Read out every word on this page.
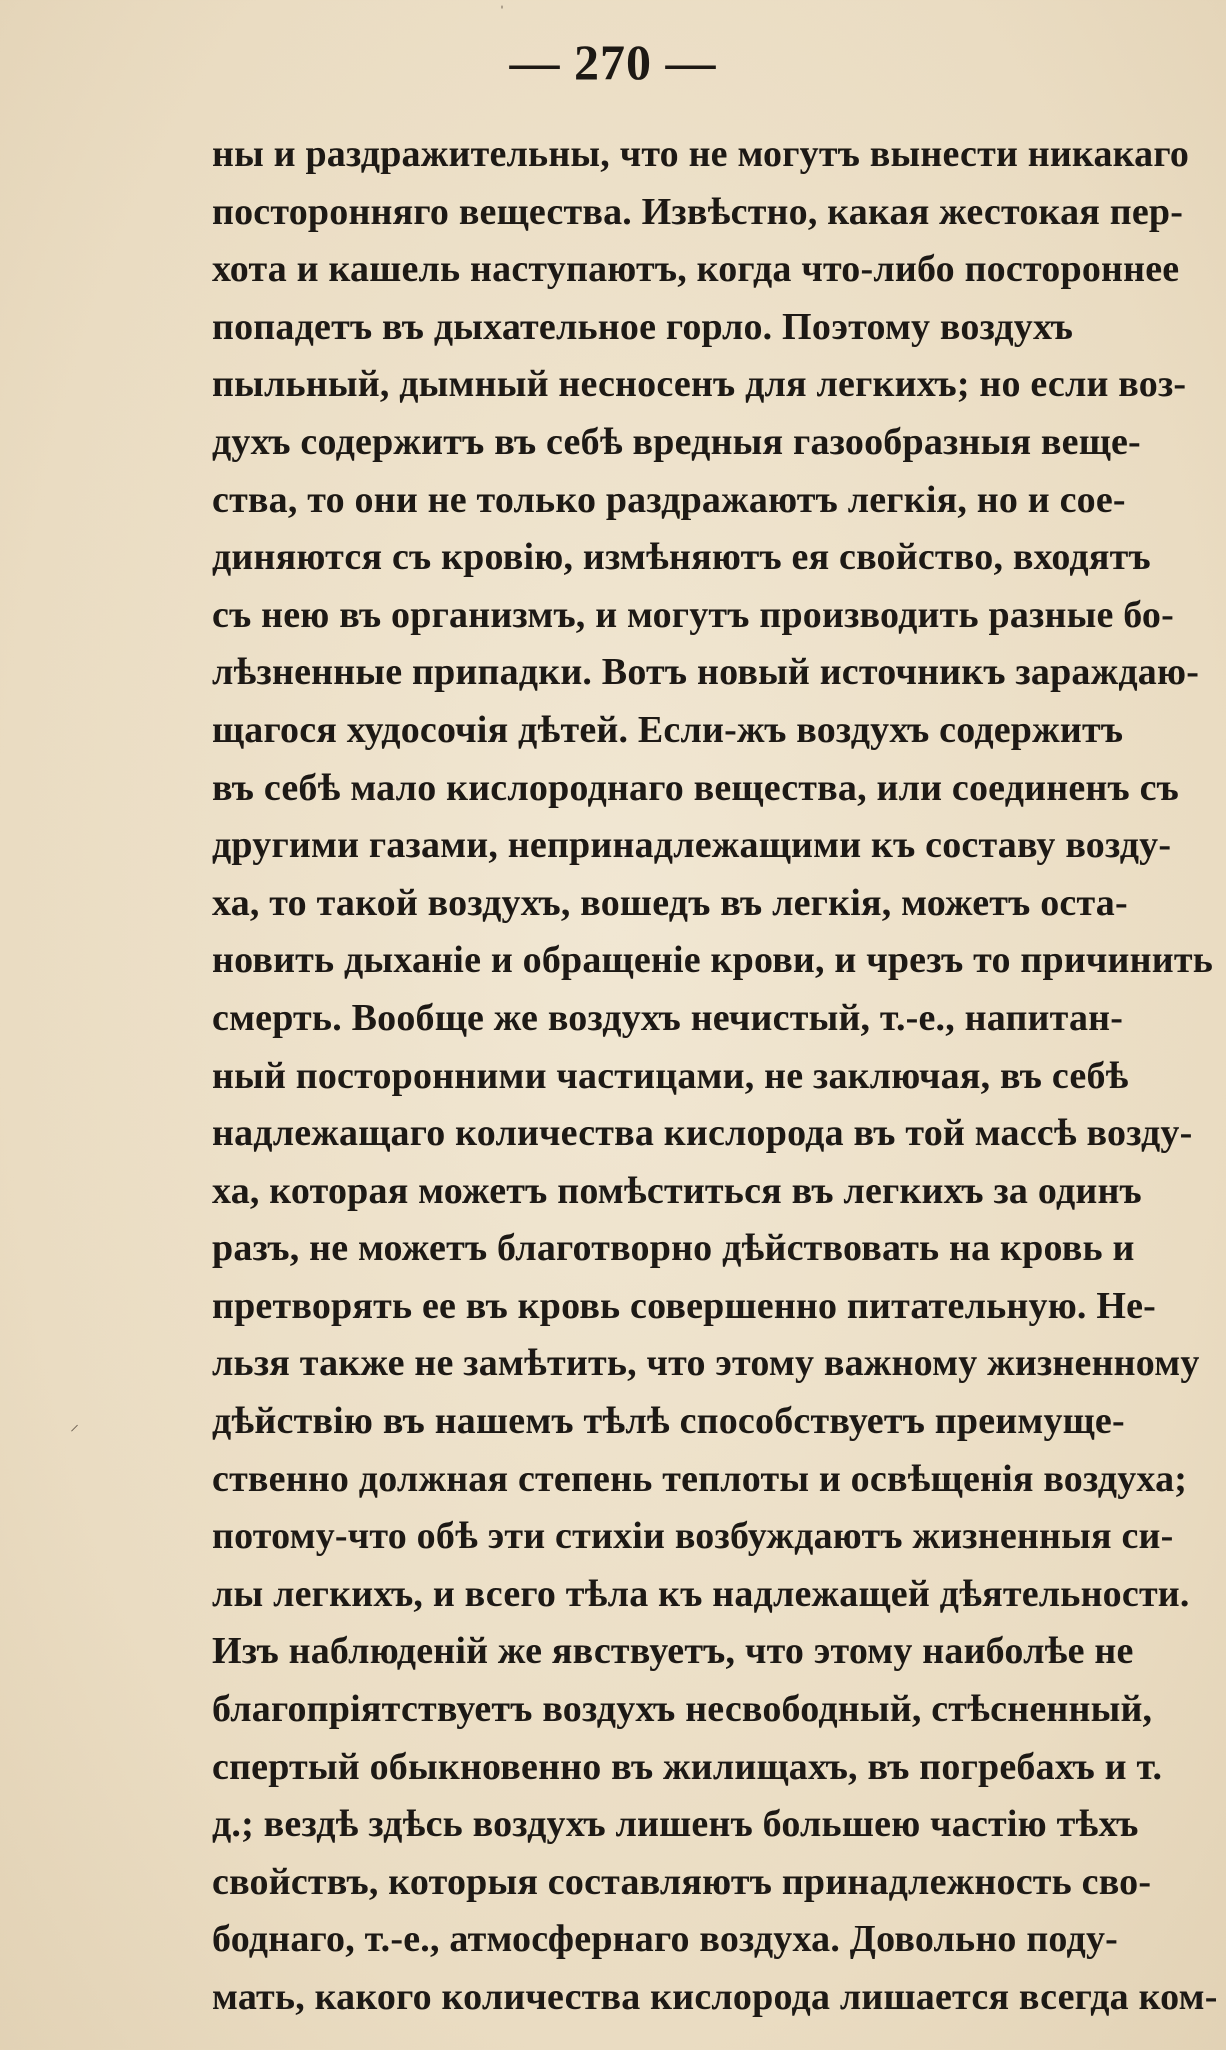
ˈ
⸝
— 270 —
ны и раздражительны, что не могутъ вынести никакаго
посторонняго вещества. Извѣстно, какая жестокая пер-
хота и кашель наступаютъ, когда что-либо постороннее
попадетъ въ дыхательное горло. Поэтому воздухъ
пыльный, дымный несносенъ для легкихъ; но если воз-
духъ содержитъ въ себѣ вредныя газообразныя веще-
ства, то они не только раздражаютъ легкія, но и сое-
диняются съ кровію, измѣняютъ ея свойство, входятъ
съ нею въ организмъ, и могутъ производить разные бо-
лѣзненные припадки. Вотъ новый источникъ зараждаю-
щагося худосочія дѣтей. Если-жъ воздухъ содержитъ
въ себѣ мало кислороднаго вещества, или соединенъ съ
другими газами, непринадлежащими къ составу возду-
ха, то такой воздухъ, вошедъ въ легкія, можетъ оста-
новить дыханіе и обращеніе крови, и чрезъ то причинить
смерть. Вообще же воздухъ нечистый, т.-е., напитан-
ный посторонними частицами, не заключая, въ себѣ
надлежащаго количества кислорода въ той массѣ возду-
ха, которая можетъ помѣститься въ легкихъ за одинъ
разъ, не можетъ благотворно дѣйствовать на кровь и
претворять ее въ кровь совершенно питательную. Не-
льзя также не замѣтить, что этому важному жизненному
дѣйствію въ нашемъ тѣлѣ способствуетъ преимуще-
ственно должная степень теплоты и освѣщенія воздуха;
потому-что обѣ эти стихіи возбуждаютъ жизненныя си-
лы легкихъ, и всего тѣла къ надлежащей дѣятельности.
Изъ наблюденій же явствуетъ, что этому наиболѣе не
благопріятствуетъ воздухъ несвободный, стѣсненный,
спертый обыкновенно въ жилищахъ, въ погребахъ и т.
д.; вездѣ здѣсь воздухъ лишенъ большею частію тѣхъ
свойствъ, которыя составляютъ принадлежность сво-
боднаго, т.-е., атмосфернаго воздуха. Довольно поду-
мать, какого количества кислорода лишается всегда ком-
